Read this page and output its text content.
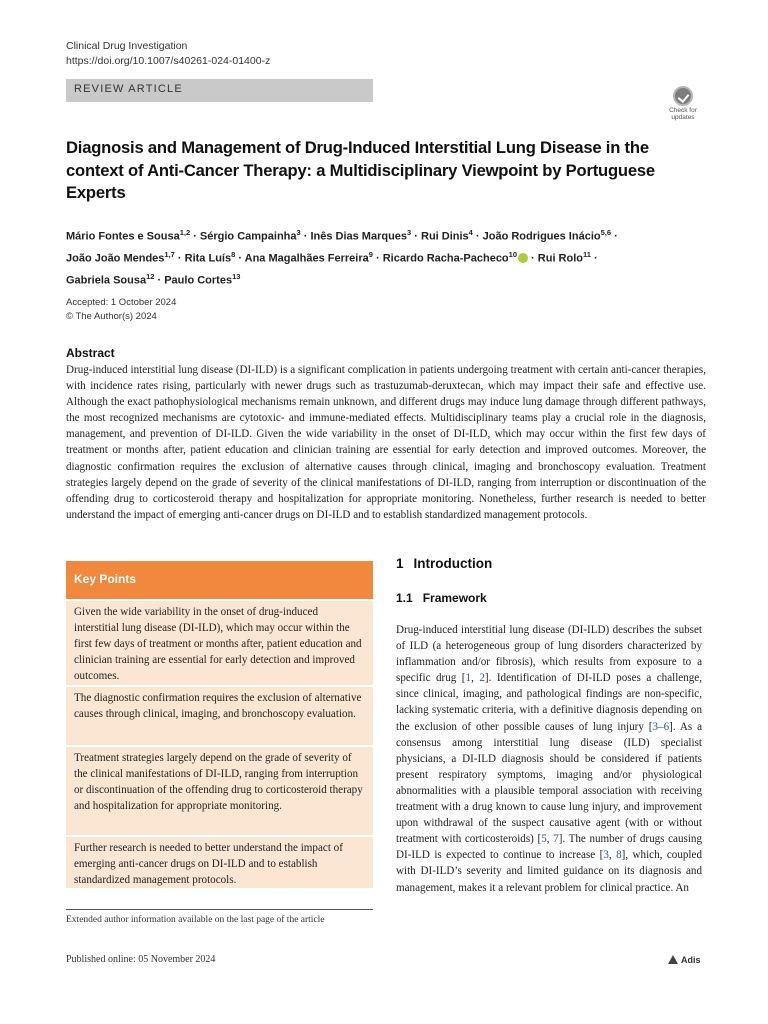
Clinical Drug Investigation
https://doi.org/10.1007/s40261-024-01400-z
REVIEW ARTICLE
Check for updates
Diagnosis and Management of Drug-Induced Interstitial Lung Disease in the context of Anti-Cancer Therapy: a Multidisciplinary Viewpoint by Portuguese Experts
Mário Fontes e Sousa$^{1,2}$ · Sérgio Campainha$^3$ · Inês Dias Marques$^3$ · Rui Dinis$^4$ · João Rodrigues Inácio$^{5,6}$ ·
João João Mendes$^{1,7}$ · Rita Luís$^8$ · Ana Magalhães Ferreira$^9$ · Ricardo Racha-Pacheco$^{10}$ · Rui Rolo$^{11}$ ·
Gabriela Sousa$^{12}$ · Paulo Cortes$^{13}$
Accepted: 1 October 2024
© The Author(s) 2024
Abstract

Drug-induced interstitial lung disease (DI-ILD) is a significant complication in patients undergoing treatment with certain anti-cancer therapies, with incidence rates rising, particularly with newer drugs such as trastuzumab-deruxtecan, which may impact their safe and effective use. Although the exact pathophysiological mechanisms remain unknown, and different drugs may induce lung damage through different pathways, the most recognized mechanisms are cytotoxic- and immune-mediated effects. Multidisciplinary teams play a crucial role in the diagnosis, management, and prevention of DI-ILD. Given the wide variability in the onset of DI-ILD, which may occur within the first few days of treatment or months after, patient education and clinician training are essential for early detection and improved outcomes. Moreover, the diagnostic confirmation requires the exclusion of alternative causes through clinical, imaging and bronchoscopy evaluation. Treatment strategies largely depend on the grade of severity of the clinical manifestations of DI-ILD, ranging from interruption or discontinuation of the offending drug to corticosteroid therapy and hospitalization for appropriate monitoring. Nonetheless, further research is needed to better understand the impact of emerging anti-cancer drugs on DI-ILD and to establish standardized management protocols.

Key Points
Given the wide variability in the onset of drug-induced interstitial lung disease (DI-ILD), which may occur within the first few days of treatment or months after, patient education and clinician training are essential for early detection and improved outcomes.
The diagnostic confirmation requires the exclusion of alternative causes through clinical, imaging, and bronchoscopy evaluation.
Treatment strategies largely depend on the grade of severity of the clinical manifestations of DI-ILD, ranging from interruption or discontinuation of the offending drug to corticosteroid therapy and hospitalization for appropriate monitoring.
Further research is needed to better understand the impact of emerging anti-cancer drugs on DI-ILD and to establish standardized management protocols.
Extended author information available on the last page of the article
1 Introduction
1.1 Framework

Drug-induced interstitial lung disease (DI-ILD) describes the subset of ILD (a heterogeneous group of lung disorders characterized by inflammation and/or fibrosis), which results from exposure to a specific drug [1, 2]. Identification of DI-ILD poses a challenge, since clinical, imaging, and pathological findings are non-specific, lacking systematic criteria, with a definitive diagnosis depending on the exclusion of other possible causes of lung injury [3–6]. As a consensus among interstitial lung disease (ILD) specialist physicians, a DI-ILD diagnosis should be considered if patients present respiratory symptoms, imaging and/or physiological abnormalities with a plausible temporal association with receiving treatment with a drug known to cause lung injury, and improvement upon withdrawal of the suspect causative agent (with or without treatment with corticosteroids) [5, 7]. The number of drugs causing DI-ILD is expected to continue to increase [3, 8], which, coupled with DI-ILD’s severity and limited guidance on its diagnosis and management, makes it a relevant problem for clinical practice. An

Published online: 05 November 2024	Adis
